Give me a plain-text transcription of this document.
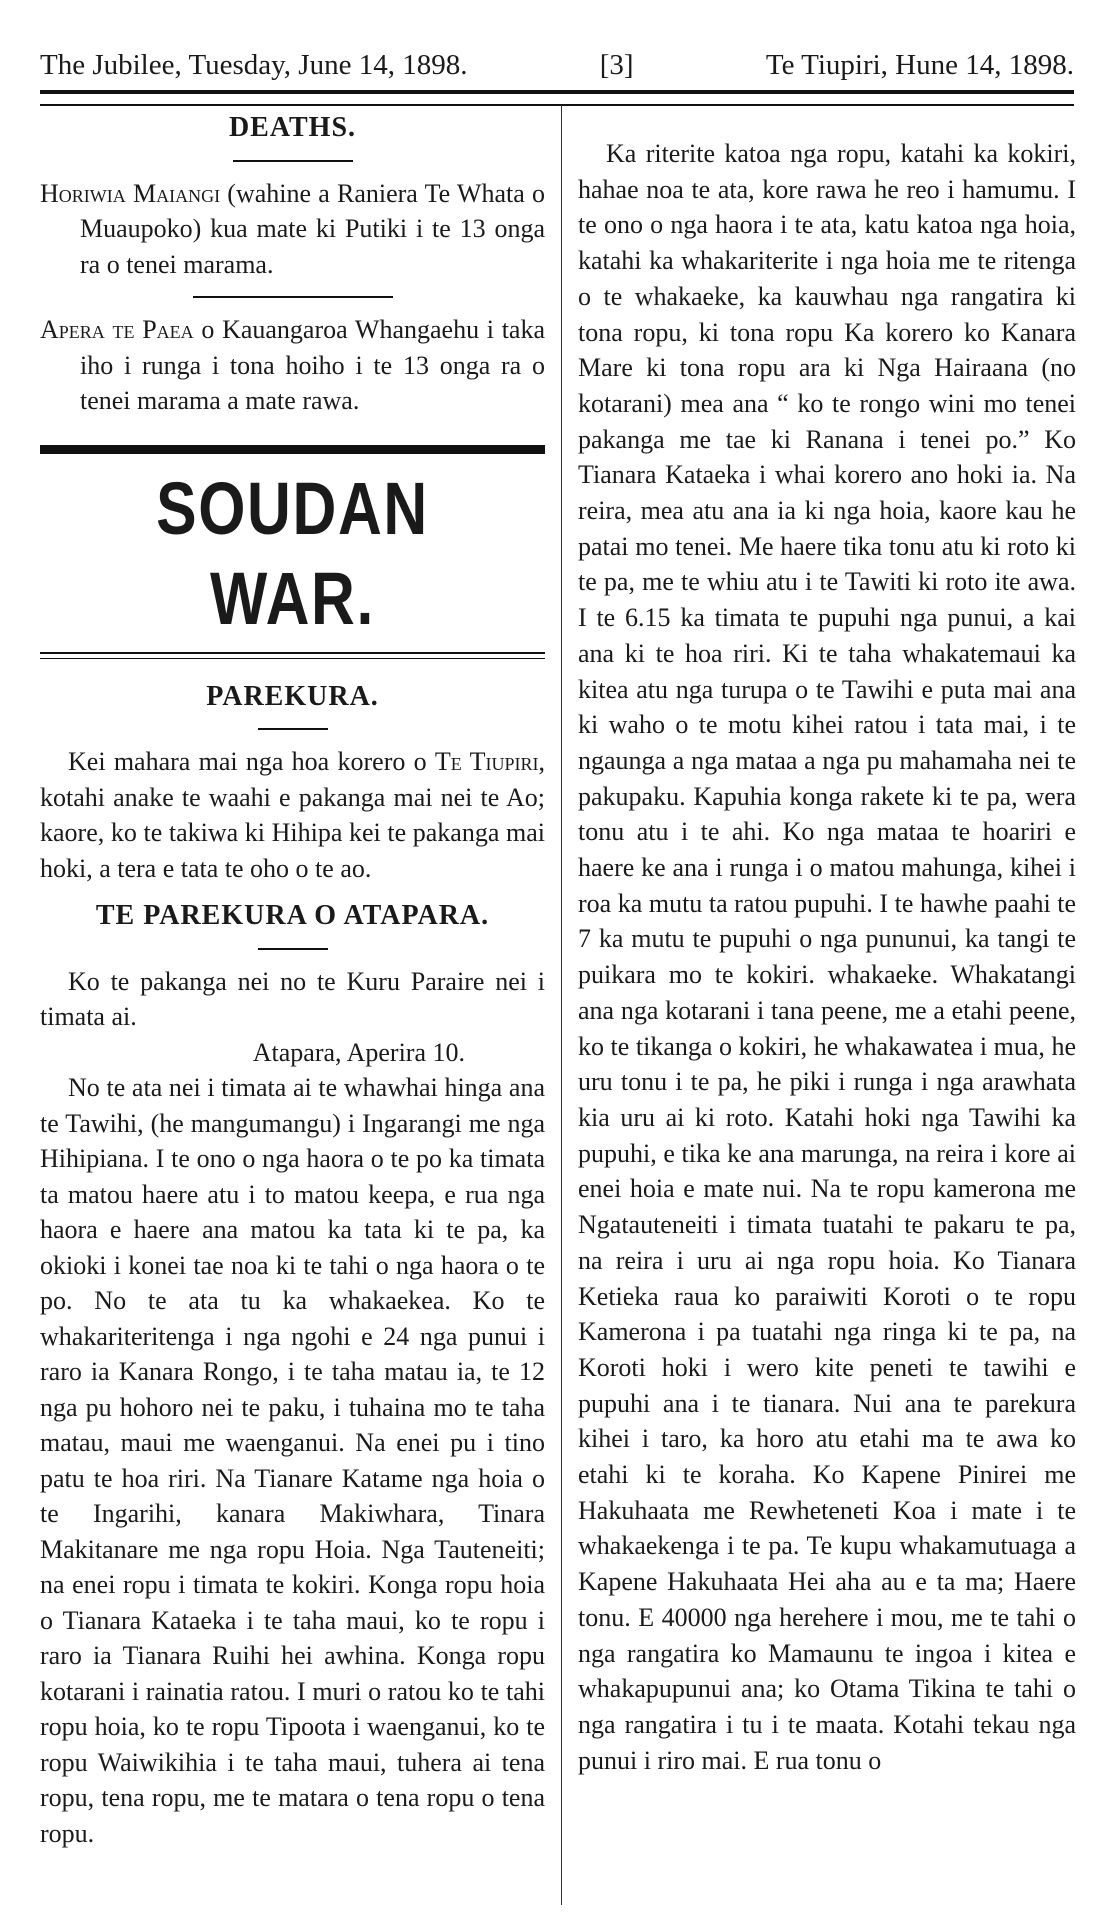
The Jubilee, Tuesday, June 14, 1898.	[3]	Te Tiupiri, Hune 14, 1898.
DEATHS.

Horiwia Maiangi (wahine a Raniera Te Whata o Muaupoko) kua mate ki Putiki i te 13 onga ra o tenei marama.

Apera te Paea o Kauangaroa Whangaehu i taka iho i runga i tona hoiho i te 13 onga ra o tenei marama a mate rawa.

SOUDAN WAR.
PAREKURA.

Kei mahara mai nga hoa korero o Te Tiupiri, kotahi anake te waahi e pakanga mai nei te Ao; kaore, ko te takiwa ki Hihipa kei te pakanga mai hoki, a tera e tata te oho o te ao.

TE PAREKURA O ATAPARA.

Ko te pakanga nei no te Kuru Paraire nei i timata ai.

Atapara, Aperira 10.

No te ata nei i timata ai te whawhai hinga ana te Tawihi, (he mangumangu) i Ingarangi me nga Hihipiana. I te ono o nga haora o te po ka timata ta matou haere atu i to matou keepa, e rua nga haora e haere ana matou ka tata ki te pa, ka okioki i konei tae noa ki te tahi o nga haora o te po. No te ata tu ka whakaekea. Ko te whakariteritenga i nga ngohi e 24 nga punui i raro ia Kanara Rongo, i te taha matau ia, te 12 nga pu hohoro nei te paku, i tuhaina mo te taha matau, maui me waenganui. Na enei pu i tino patu te hoa riri. Na Tianare Katame nga hoia o te Ingarihi, kanara Makiwhara, Tinara Makitanare me nga ropu Hoia. Nga Tauteneiti; na enei ropu i timata te kokiri. Konga ropu hoia o Tianara Kataeka i te taha maui, ko te ropu i raro ia Tianara Ruihi hei awhina. Konga ropu kotarani i rainatia ratou. I muri o ratou ko te tahi ropu hoia, ko te ropu Tipoota i waenganui, ko te ropu Waiwikihia i te taha maui, tuhera ai tena ropu, tena ropu, me te matara o tena ropu o tena ropu.

Ka riterite katoa nga ropu, katahi ka kokiri, hahae noa te ata, kore rawa he reo i hamumu. I te ono o nga haora i te ata, katu katoa nga hoia, katahi ka whakariterite i nga hoia me te ritenga o te whakaeke, ka kauwhau nga rangatira ki tona ropu, ki tona ropu Ka korero ko Kanara Mare ki tona ropu ara ki Nga Hairaana (no kotarani) mea ana “ ko te rongo wini mo tenei pakanga me tae ki Ranana i tenei po.” Ko Tianara Kataeka i whai korero ano hoki ia. Na reira, mea atu ana ia ki nga hoia, kaore kau he patai mo tenei. Me haere tika tonu atu ki roto ki te pa, me te whiu atu i te Tawiti ki roto ite awa. I te 6.15 ka timata te pupuhi nga punui, a kai ana ki te hoa riri. Ki te taha whakatemaui ka kitea atu nga turupa o te Tawihi e puta mai ana ki waho o te motu kihei ratou i tata mai, i te ngaunga a nga mataa a nga pu mahamaha nei te pakupaku. Kapuhia konga rakete ki te pa, wera tonu atu i te ahi. Ko nga mataa te hoariri e haere ke ana i runga i o matou mahunga, kihei i roa ka mutu ta ratou pupuhi. I te hawhe paahi te 7 ka mutu te pupuhi o nga pununui, ka tangi te puikara mo te kokiri. whakaeke. Whakatangi ana nga kotarani i tana peene, me a etahi peene, ko te tikanga o kokiri, he whakawatea i mua, he uru tonu i te pa, he piki i runga i nga arawhata kia uru ai ki roto. Katahi hoki nga Tawihi ka pupuhi, e tika ke ana marunga, na reira i kore ai enei hoia e mate nui. Na te ropu kamerona me Ngatauteneiti i timata tuatahi te pakaru te pa, na reira i uru ai nga ropu hoia. Ko Tianara Ketieka raua ko paraiwiti Koroti o te ropu Kamerona i pa tuatahi nga ringa ki te pa, na Koroti hoki i wero kite peneti te tawihi e pupuhi ana i te tianara. Nui ana te parekura kihei i taro, ka horo atu etahi ma te awa ko etahi ki te koraha. Ko Kapene Pinirei me Hakuhaata me Rewheteneti Koa i mate i te whakaekenga i te pa. Te kupu whakamutuaga a Kapene Hakuhaata Hei aha au e ta ma; Haere tonu. E 40000 nga herehere i mou, me te tahi o nga rangatira ko Mamaunu te ingoa i kitea e whakapupunui ana; ko Otama Tikina te tahi o nga rangatira i tu i te maata. Kotahi tekau nga punui i riro mai. E rua tonu o
